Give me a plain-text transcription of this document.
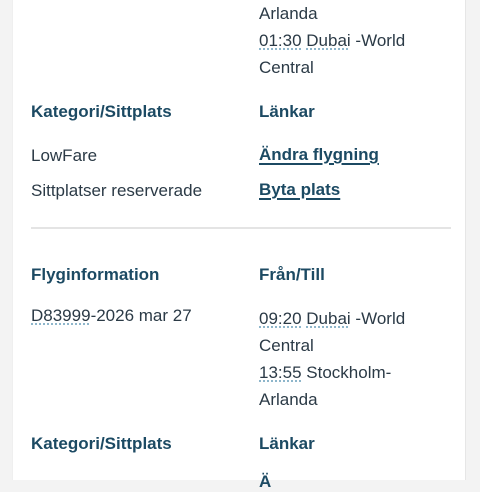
Arlanda
01:30 Dubai -World
Central
Kategori/Sittplats	Länkar
LowFare	Ändra flygning
Sittplatser reserverade	Byta plats
Flyginformation	Från/Till
D83999-2026 mar 27	09:20 Dubai -World
Central
13:55 Stockholm-
Arlanda
Kategori/Sittplats	Länkar
Ä
